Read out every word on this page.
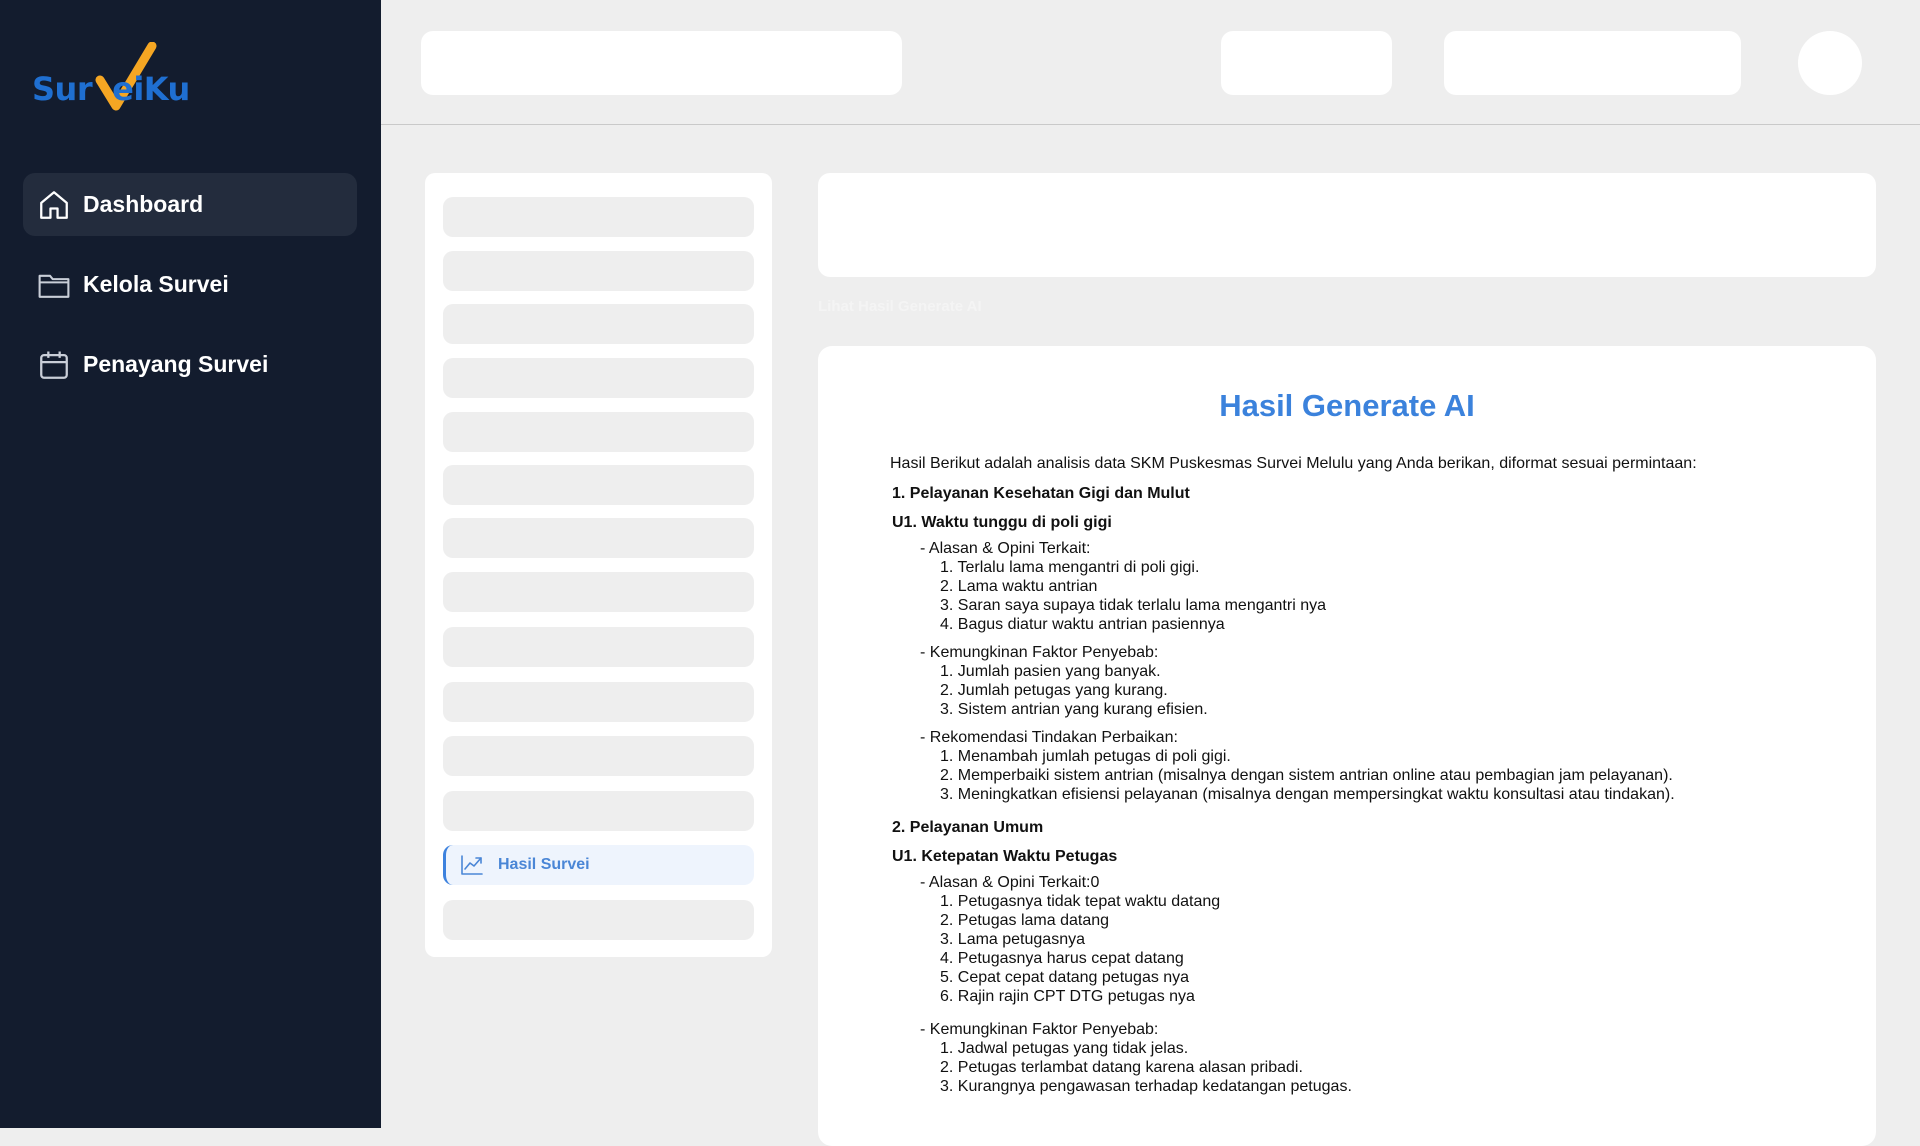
Sur eiKu
Dashboard
Kelola Survei
Penayang Survei
Hasil Survei
Lihat Hasil Generate AI
Hasil Generate AI

Hasil Berikut adalah analisis data SKM Puskesmas Survei Melulu yang Anda berikan, diformat sesuai permintaan:

1. Pelayanan Kesehatan Gigi dan Mulut

U1. Waktu tunggu di poli gigi

- Alasan & Opini Terkait:

1. Terlalu lama mengantri di poli gigi.
2. Lama waktu antrian
3. Saran saya supaya tidak terlalu lama mengantri nya
4. Bagus diatur waktu antrian pasiennya

- Kemungkinan Faktor Penyebab:

1. Jumlah pasien yang banyak.
2. Jumlah petugas yang kurang.
3. Sistem antrian yang kurang efisien.

- Rekomendasi Tindakan Perbaikan:

1. Menambah jumlah petugas di poli gigi.
2. Memperbaiki sistem antrian (misalnya dengan sistem antrian online atau pembagian jam pelayanan).
3. Meningkatkan efisiensi pelayanan (misalnya dengan mempersingkat waktu konsultasi atau tindakan).

2. Pelayanan Umum

U1. Ketepatan Waktu Petugas

- Alasan & Opini Terkait:0

1. Petugasnya tidak tepat waktu datang
2. Petugas lama datang
3. Lama petugasnya
4. Petugasnya harus cepat datang
5. Cepat cepat datang petugas nya
6. Rajin rajin CPT DTG petugas nya

- Kemungkinan Faktor Penyebab:

1. Jadwal petugas yang tidak jelas.
2. Petugas terlambat datang karena alasan pribadi.
3. Kurangnya pengawasan terhadap kedatangan petugas.
